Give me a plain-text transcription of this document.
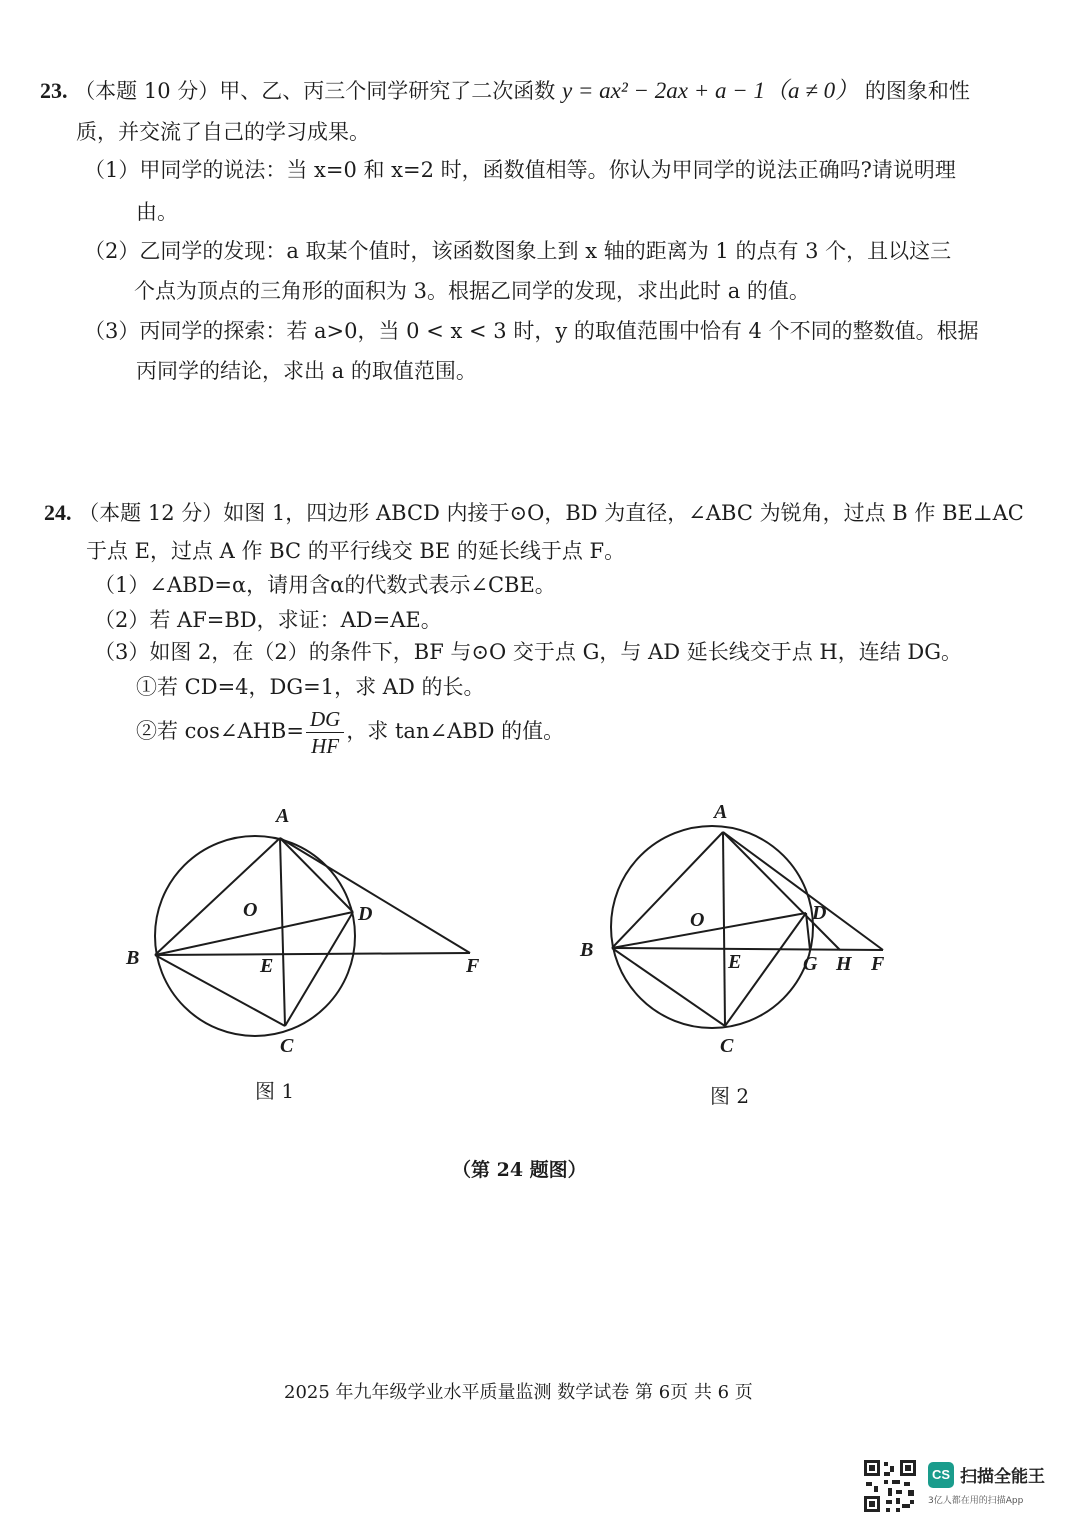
23. （本题 10 分）甲、乙、丙三个同学研究了二次函数 y = ax² − 2ax + a − 1（a ≠ 0） 的图象和性
质，并交流了自己的学习成果。
（1）甲同学的说法：当 x=0 和 x=2 时，函数值相等。你认为甲同学的说法正确吗?请说明理
由。
（2）乙同学的发现：a 取某个值时，该函数图象上到 x 轴的距离为 1 的点有 3 个，且以这三
个点为顶点的三角形的面积为 3。根据乙同学的发现，求出此时 a 的值。
（3）丙同学的探索：若 a>0，当 0 < x < 3 时，y 的取值范围中恰有 4 个不同的整数值。根据
丙同学的结论，求出 a 的取值范围。
24. （本题 12 分）如图 1，四边形 ABCD 内接于⊙O，BD 为直径，∠ABC 为锐角，过点 B 作 BE⊥AC
于点 E，过点 A 作 BC 的平行线交 BE 的延长线于点 F。
（1）∠ABD=α，请用含α的代数式表示∠CBE。
（2）若 AF=BD，求证：AD=AE。
（3）如图 2，在（2）的条件下，BF 与⊙O 交于点 G，与 AD 延长线交于点 H，连结 DG。
①若 CD=4，DG=1，求 AD 的长。
②若 cos∠AHB= $\frac{DG}{HF}$ ，求 tan∠ABD 的值。
A
B
C
D
E	F
O
图 1
A
B
C
D
E	G H F
O
图 2
（第 24 题图）
2025 年九年级学业水平质量监测 数学试卷 第 6页 共 6 页
CS 扫描全能王
3亿人都在用的扫描App
